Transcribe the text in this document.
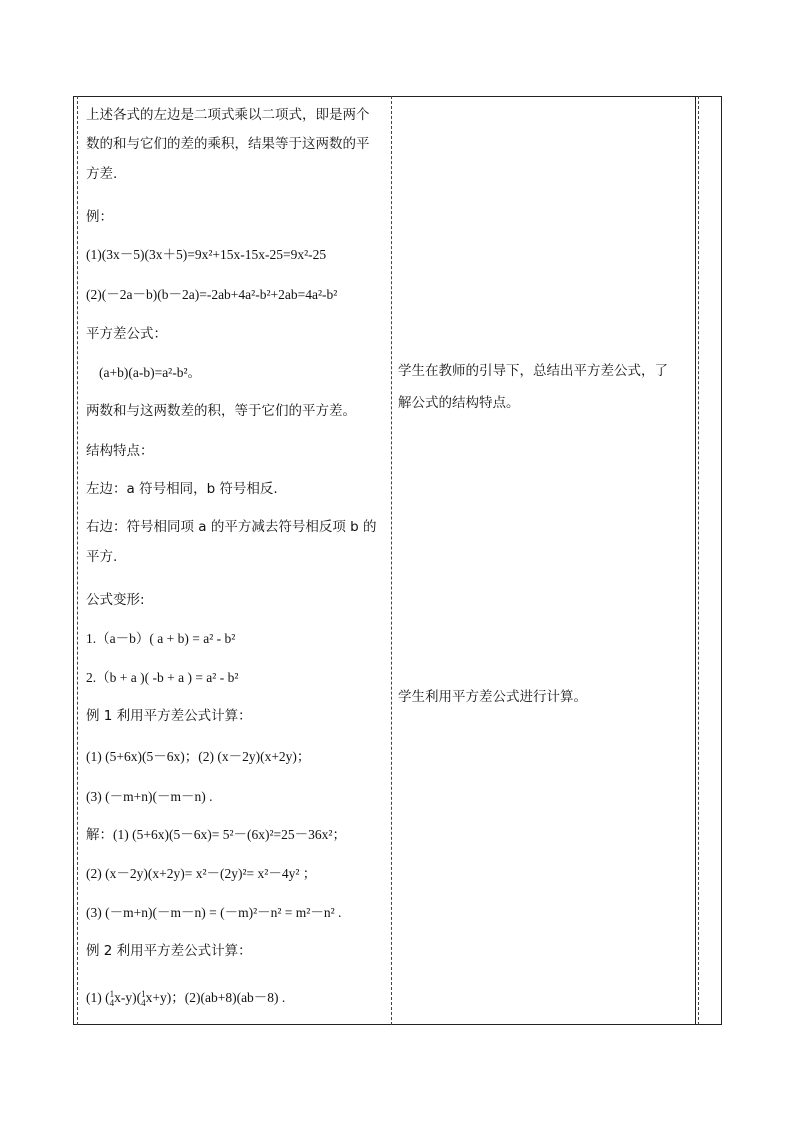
上述各式的左边是二项式乘以二项式，即是两个
数的和与它们的差的乘积，结果等于这两数的平
方差.
例：
(1)(3x－5)(3x＋5)=9x²+15x-15x-25=9x²-25
(2)(－2a－b)(b－2a)=-2ab+4a²-b²+2ab=4a²-b²
平方差公式：
(a+b)(a-b)=a²-b²。
两数和与这两数差的积，等于它们的平方差。
结构特点：
左边：a 符号相同，b 符号相反.
右边：符号相同项 a 的平方减去符号相反项 b 的
平方.
公式变形:
1.（a－b）( a + b) = a² - b²
2.（b + a )( -b + a ) = a² - b²
例 1 利用平方差公式计算：
(1) (5+6x)(5－6x)；(2) (x－2y)(x+2y)；
(3) (－m+n)(－m－n) .
解：(1) (5+6x)(5－6x)= 5²－(6x)²=25－36x²；
(2) (x－2y)(x+2y)= x²－(2y)²= x²－4y² ；
(3) (－m+n)(－m－n) = (－m)²－n² = m²－n² .
例 2 利用平方差公式计算：
(1) ( 1
4 x-y)( 1
4 x+y)；(2)(ab+8)(ab－8) .
学生在教师的引导下，总结出平方差公式，了
解公式的结构特点。
学生利用平方差公式进行计算。
